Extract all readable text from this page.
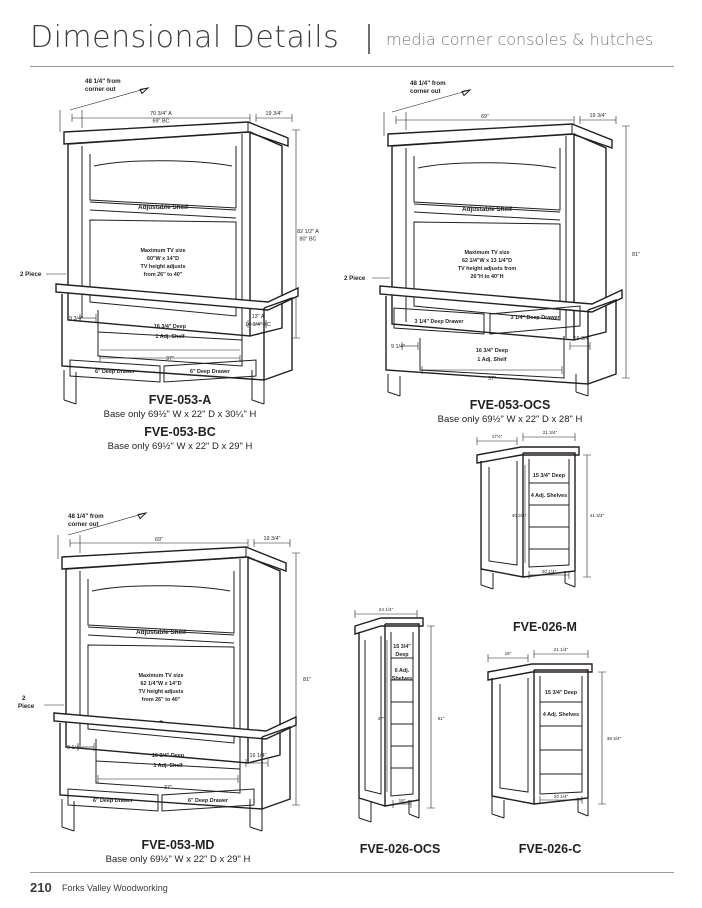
Dimensional Details	media corner consoles & hutches
70 3/4" A
69" BC
19 3/4"
Adjustable Shelf
Maximum TV size
60"W x 14"D
TV height adjusts
from 26" to 40"
82 1/2" A
80" BC
2 Piece
16 3/4" Deep
1 Adj. Shelf
6" Deep Drawer	6" Deep Drawer
9 3/4"
37"
13" A
14 3/4" BC
FVE-053-A
Base only 69½" W x 22" D x 30¼" H
FVE-053-BC
Base only 69½" W x 22" D x 29" H
48 1/4" from
corner out
69"	19 3/4"
Adjustable Shelf
Maximum TV size
62 1/4"W x 13 1/4"D
TV height adjusts from
26"H to 40"H
81"
2 Piece
3 1/4" Deep Drawer
3 1/4" Deep Drawer
16 3/4" Deep
1 Adj. Shelf
9 1/4"
37"
16 3/4"
48 1/4" from
corner out
FVE-053-OCS
Base only 69½" W x 22" D x 28" H
17½"
21 3/4"
15 3/4" Deep
4 Adj. Shelves
40 3/4"	41 3/4"
20 1/4"
FVE-026-M
69"	19 3/4"
Adjustable Shelf
Maximum TV size
62 1/4"W x 14"D
TV height adjusts
from 26" to 40"
81"
2
Piece
16 3/4" Deep
1 Adj. Shelf
6" Deep Drawer	6" Deep Drawer
9 1/4"
37"
16 1/4"
48 1/4" from
corner out
FVE-053-MD
Base only 69½" W x 22" D x 29" H
24 1/4"
15 3/4"
Deep
6 Adj.
Shelves
47"	61"
19"
FVE-026-OCS
18"
21 1/4"
15 3/4" Deep
4 Adj. Shelves
38 3/4"
20 1/4"
FVE-026-C
210 Forks Valley Woodworking
